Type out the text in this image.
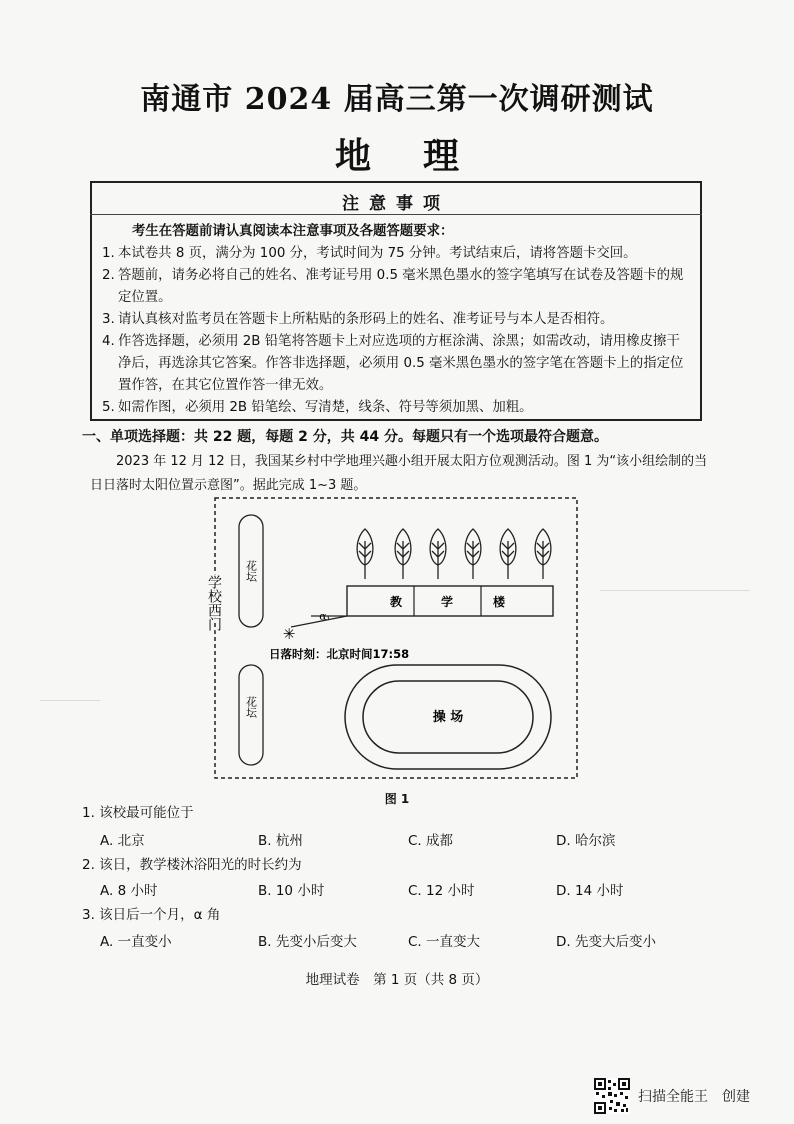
南通市 2024 届高三第一次调研测试
地理
注意事项
考生在答题前请认真阅读本注意事项及各题答题要求：
1. 本试卷共 8 页，满分为 100 分，考试时间为 75 分钟。考试结束后，请将答题卡交回。
2. 答题前，请务必将自己的姓名、准考证号用 0.5 毫米黑色墨水的签字笔填写在试卷及答题卡的规定位置。
3. 请认真核对监考员在答题卡上所粘贴的条形码上的姓名、准考证号与本人是否相符。
4. 作答选择题，必须用 2B 铅笔将答题卡上对应选项的方框涂满、涂黑；如需改动，请用橡皮擦干净后，再选涂其它答案。作答非选择题，必须用 0.5 毫米黑色墨水的签字笔在答题卡上的指定位置作答，在其它位置作答一律无效。
5. 如需作图，必须用 2B 铅笔绘、写清楚，线条、符号等须加黑、加粗。
一、单项选择题：共 22 题，每题 2 分，共 44 分。每题只有一个选项最符合题意。

2023 年 12 月 12 日，我国某乡村中学地理兴趣小组开展太阳方位观测活动。图 1 为“该小组绘制的当日日落时太阳位置示意图”。据此完成 1~3 题。

花坛
花坛
学校西门	教	学	楼
α
✳
日落时刻：北京时间17:58
操 场
图 1
1. 该校最可能位于
A. 北京	B. 杭州	C. 成都	D. 哈尔滨
2. 该日，教学楼沐浴阳光的时长约为
A. 8 小时	B. 10 小时	C. 12 小时	D. 14 小时
3. 该日后一个月，α 角
A. 一直变小	B. 先变小后变大	C. 一直变大	D. 先变大后变小
地理试卷　第 1 页（共 8 页）
扫描全能王　创建
